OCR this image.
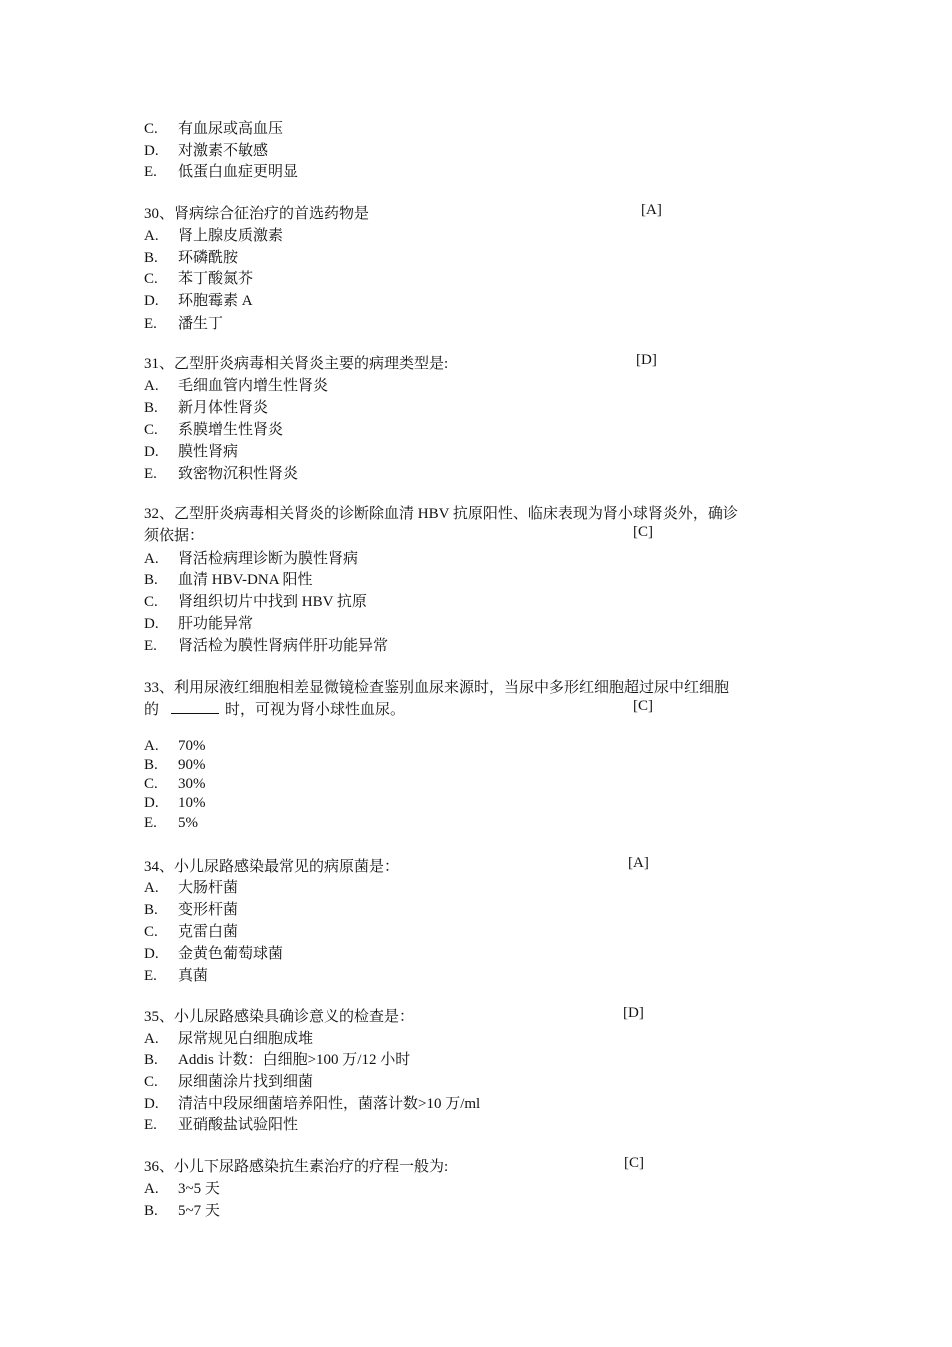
C. 有血尿或高血压
D. 对激素不敏感
E. 低蛋白血症更明显
30、肾病综合征治疗的首选药物是	[A]
A. 肾上腺皮质激素
B. 环磷酰胺
C. 苯丁酸氮芥
D. 环胞霉素 A
E. 潘生丁
31、乙型肝炎病毒相关肾炎主要的病理类型是:	[D]
A. 毛细血管内增生性肾炎
B. 新月体性肾炎
C. 系膜增生性肾炎
D. 膜性肾病
E. 致密物沉积性肾炎
32、乙型肝炎病毒相关肾炎的诊断除血清 HBV 抗原阳性、临床表现为肾小球肾炎外，确诊
须依据：	[C]
A. 肾活检病理诊断为膜性肾病
B. 血清 HBV-DNA 阳性
C. 肾组织切片中找到 HBV 抗原
D. 肝功能异常
E. 肾活检为膜性肾病伴肝功能异常
33、利用尿液红细胞相差显微镜检查鉴别血尿来源时，当尿中多形红细胞超过尿中红细胞
的	时，可视为肾小球性血尿。	[C]
A. 70%
B. 90%
C. 30%
D. 10%
E. 5%
34、小儿尿路感染最常见的病原菌是：	[A]
A. 大肠杆菌
B. 变形杆菌
C. 克雷白菌
D. 金黄色葡萄球菌
E. 真菌
35、小儿尿路感染具确诊意义的检查是：	[D]
A. 尿常规见白细胞成堆
B. Addis 计数：白细胞>100 万/12 小时
C. 尿细菌涂片找到细菌
D. 清洁中段尿细菌培养阳性，菌落计数>10 万/ml
E. 亚硝酸盐试验阳性
36、小儿下尿路感染抗生素治疗的疗程一般为:	[C]
A. 3~5 天
B. 5~7 天
